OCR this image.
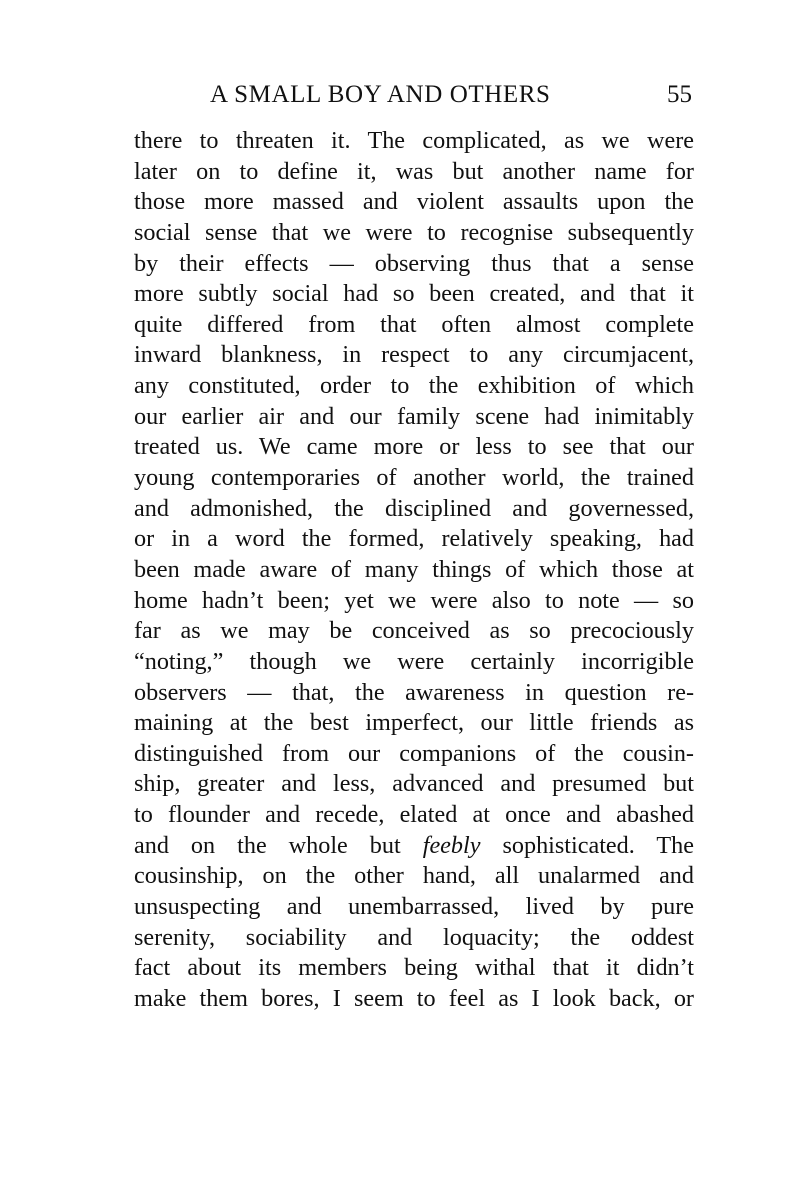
A SMALL BOY AND OTHERS	55
there to threaten it. The complicated, as we were
later on to define it, was but another name for
those more massed and violent assaults upon the
social sense that we were to recognise subsequently
by their effects — observing thus that a sense
more subtly social had so been created, and that it
quite differed from that often almost complete
inward blankness, in respect to any circumjacent,
any constituted, order to the exhibition of which
our earlier air and our family scene had inimitably
treated us. We came more or less to see that our
young contemporaries of another world, the trained
and admonished, the disciplined and governessed,
or in a word the formed, relatively speaking, had
been made aware of many things of which those at
home hadn’t been; yet we were also to note — so
far as we may be conceived as so precociously
“noting,” though we were certainly incorrigible
observers — that, the awareness in question re-
maining at the best imperfect, our little friends as
distinguished from our companions of the cousin-
ship, greater and less, advanced and presumed but
to flounder and recede, elated at once and abashed
and on the whole but feebly sophisticated. The
cousinship, on the other hand, all unalarmed and
unsuspecting and unembarrassed, lived by pure
serenity, sociability and loquacity; the oddest
fact about its members being withal that it didn’t
make them bores, I seem to feel as I look back, or
